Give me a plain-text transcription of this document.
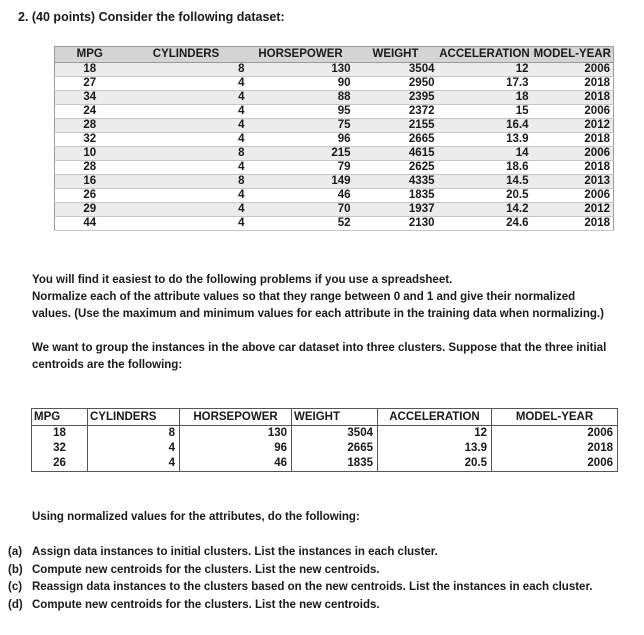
2. (40 points) Consider the following dataset:
MPG	CYLINDERS	HORSEPOWER	WEIGHT	ACCELERATION	MODEL-YEAR
18	8	130	3504	12	2006
27	4	90	2950	17.3	2018
34	4	88	2395	18	2018
24	4	95	2372	15	2006
28	4	75	2155	16.4	2012
32	4	96	2665	13.9	2018
10	8	215	4615	14	2006
28	4	79	2625	18.6	2018
16	8	149	4335	14.5	2013
26	4	46	1835	20.5	2006
29	4	70	1937	14.2	2012
44	4	52	2130	24.6	2018

You will find it easiest to do the following problems if you use a spreadsheet.

Normalize each of the attribute values so that they range between 0 and 1 and give their normalized values. (Use the maximum and minimum values for each attribute in the training data when normalizing.)

We want to group the instances in the above car dataset into three clusters. Suppose that the three initial centroids are the following:

MPG	CYLINDERS	HORSEPOWER	WEIGHT	ACCELERATION	MODEL-YEAR
18	8	130	3504	12	2006
32	4	96	2665	13.9	2018
26	4	46	1835	20.5	2006

Using normalized values for the attributes, do the following:

(a) Assign data instances to initial clusters. List the instances in each cluster.
(b) Compute new centroids for the clusters. List the new centroids.
(c) Reassign data instances to the clusters based on the new centroids. List the instances in each cluster.
(d) Compute new centroids for the clusters. List the new centroids.
